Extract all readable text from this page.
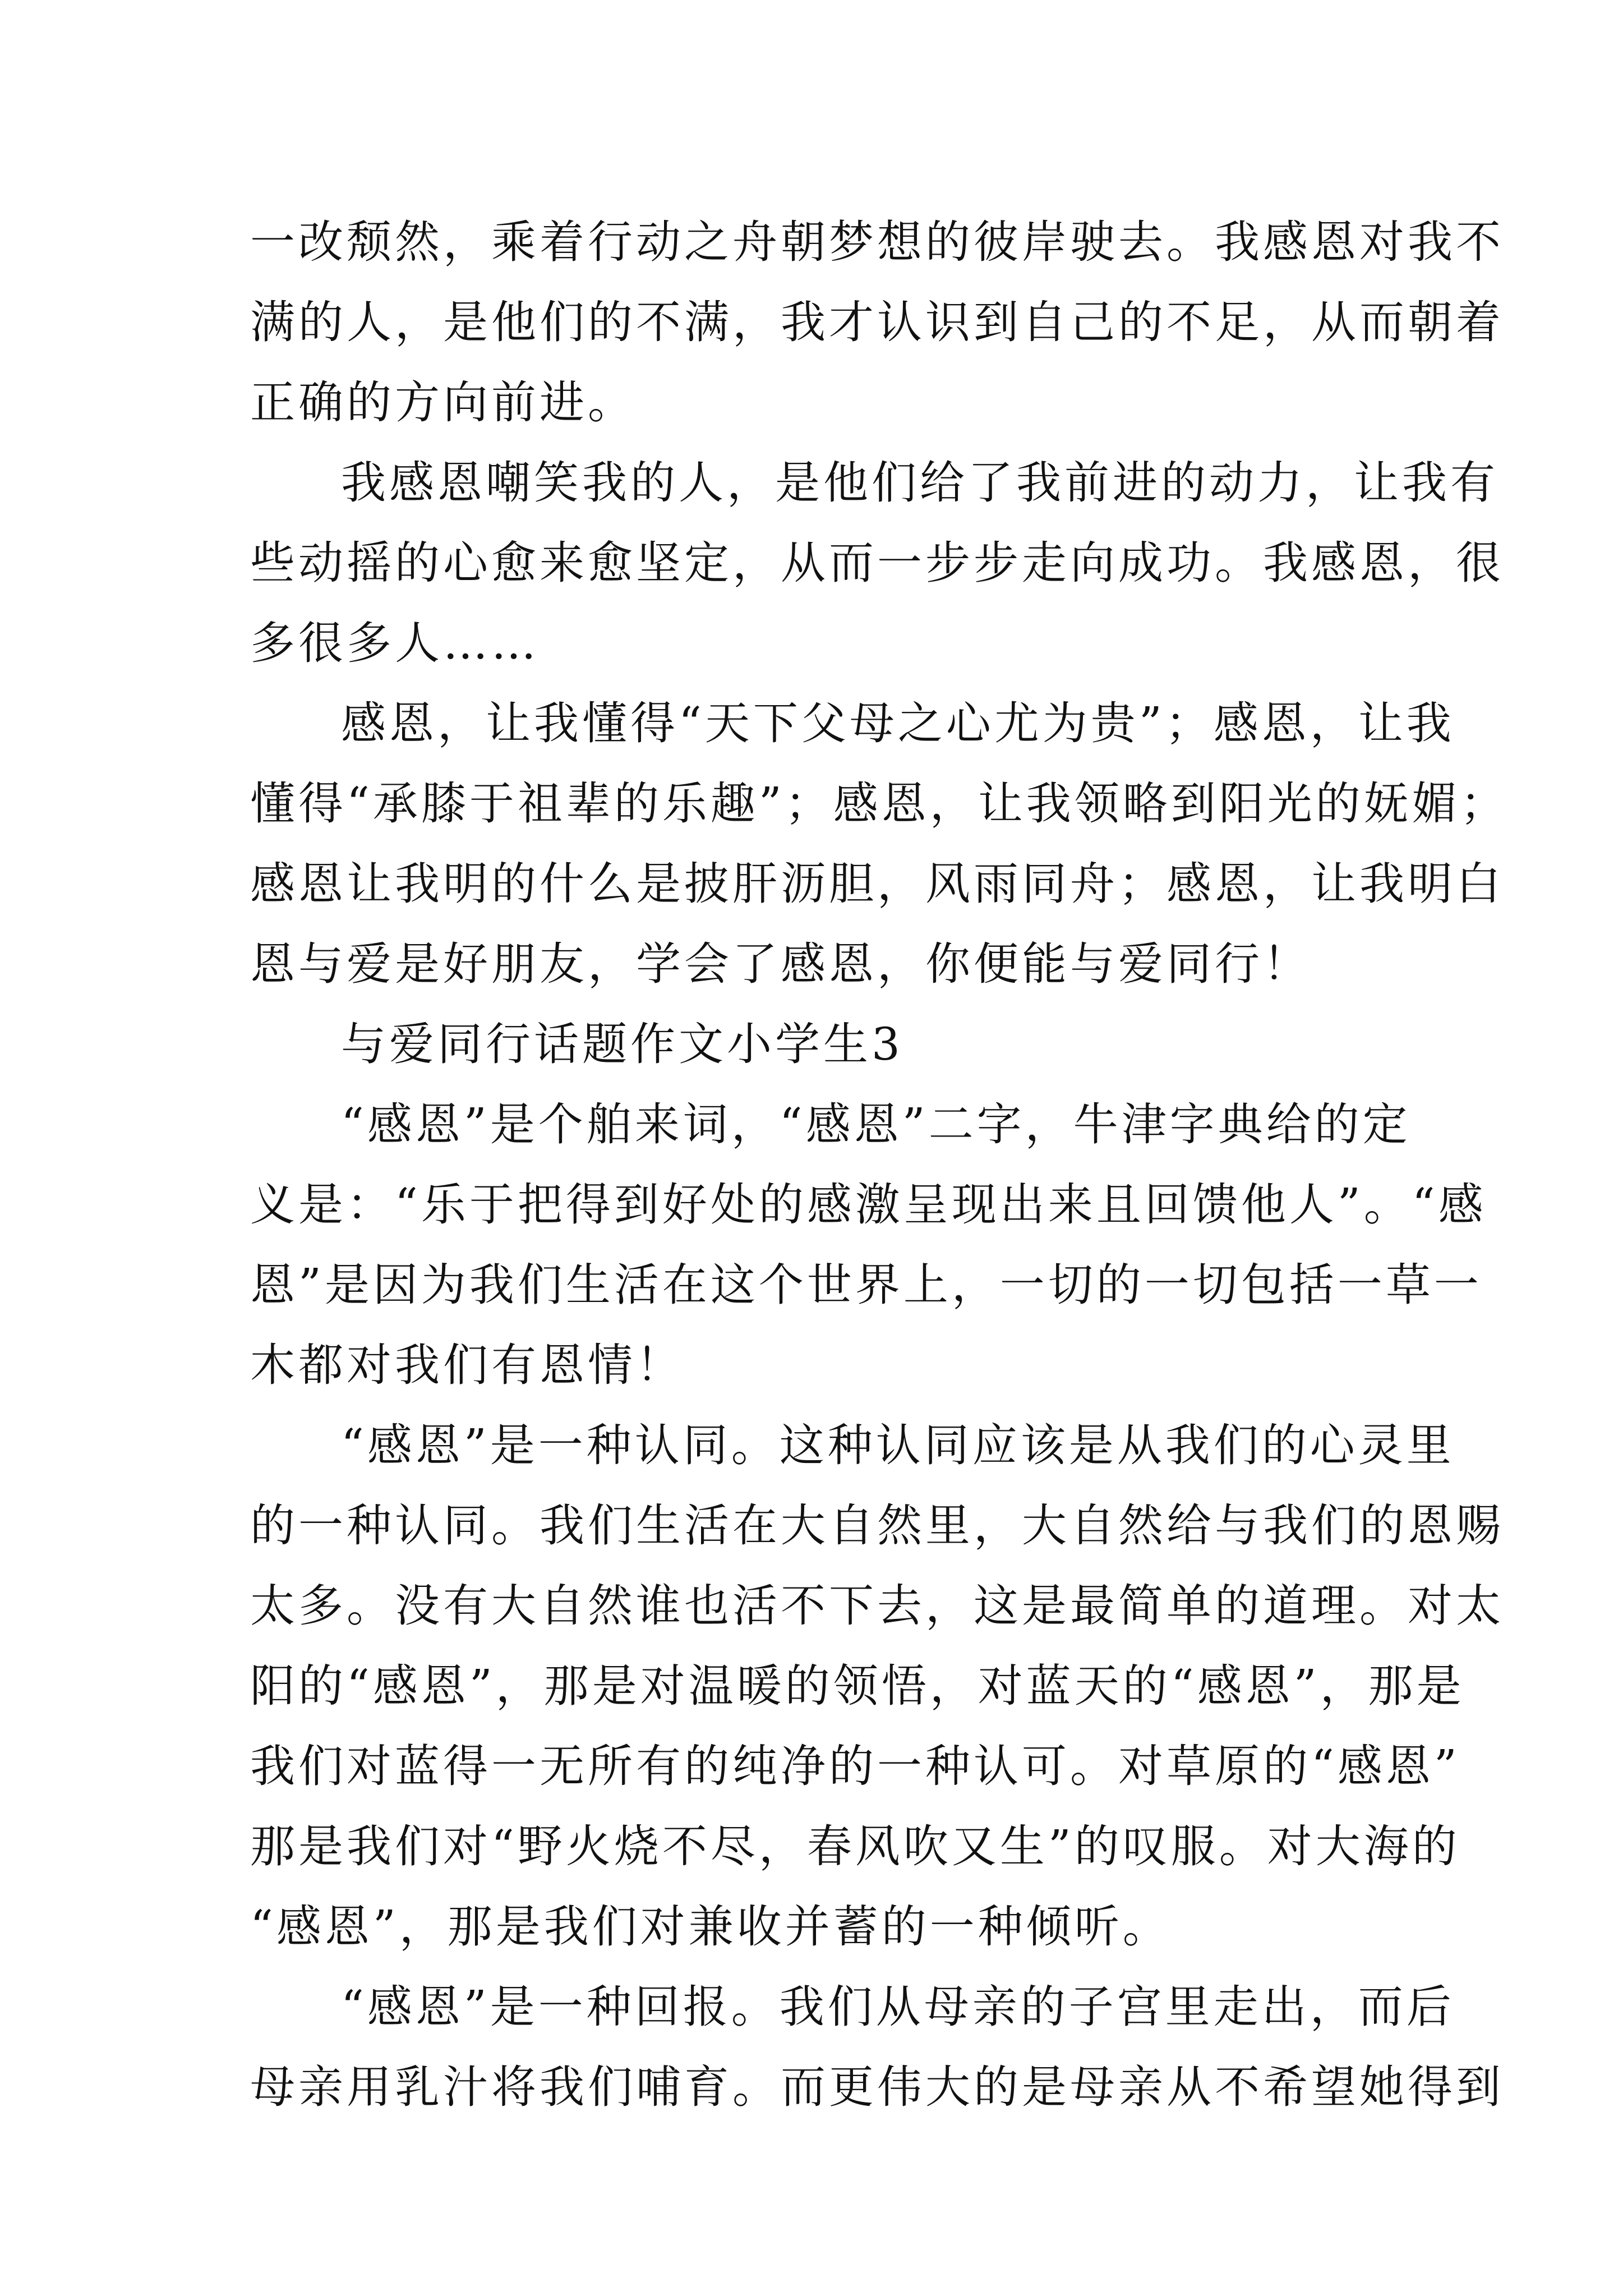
一改颓然，乘着行动之舟朝梦想的彼岸驶去。我感恩对我不
满的人，是他们的不满，我才认识到自己的不足，从而朝着
正确的方向前进。
我感恩嘲笑我的人，是他们给了我前进的动力，让我有
些动摇的心愈来愈坚定，从而一步步走向成功。我感恩，很
多很多人……
感恩，让我懂得“天下父母之心尤为贵”；感恩，让我
懂得“承膝于祖辈的乐趣”；感恩，让我领略到阳光的妩媚；
感恩让我明的什么是披肝沥胆，风雨同舟；感恩，让我明白
恩与爱是好朋友，学会了感恩，你便能与爱同行！
与爱同行话题作文小学生3
“感恩”是个舶来词，“感恩”二字，牛津字典给的定
义是：“乐于把得到好处的感激呈现出来且回馈他人”。“感
恩”是因为我们生活在这个世界上，一切的一切包括一草一
木都对我们有恩情！
“感恩”是一种认同。这种认同应该是从我们的心灵里
的一种认同。我们生活在大自然里，大自然给与我们的恩赐
太多。没有大自然谁也活不下去，这是最简单的道理。对太
阳的“感恩”，那是对温暖的领悟，对蓝天的“感恩”，那是
我们对蓝得一无所有的纯净的一种认可。对草原的“感恩”
那是我们对“野火烧不尽，春风吹又生”的叹服。对大海的
“感恩”，那是我们对兼收并蓄的一种倾听。
“感恩”是一种回报。我们从母亲的子宫里走出，而后
母亲用乳汁将我们哺育。而更伟大的是母亲从不希望她得到
